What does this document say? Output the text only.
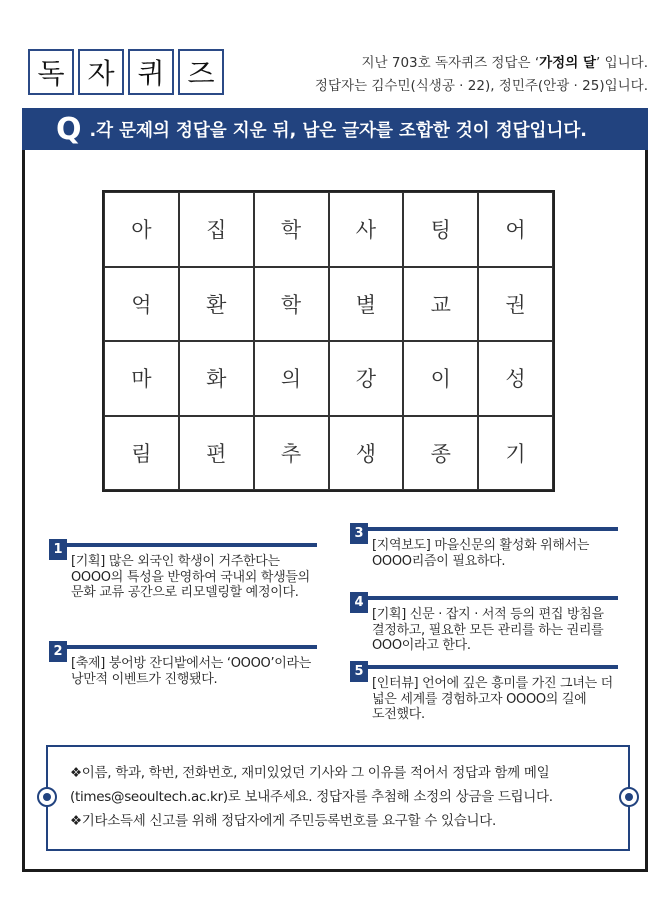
독 자 퀴 즈	지난 703호 독자퀴즈 정답은 ‘가정의 달’ 입니다.
정답자는 김수민(식생공 · 22), 정민주(안광 · 25)입니다.
Q .각 문제의 정답을 지운 뒤, 남은 글자를 조합한 것이 정답입니다.
아	집	학	사	팅	어
억	환	학	별	교	권
마	화	의	강	이	성
림	편	추	생	종	기
1
[기획] 많은 외국인 학생이 거주한다는 OOOO의 특성을 반영하여 국내외 학생들의 문화 교류 공간으로 리모델링할 예정이다.
2
[축제] 붕어방 잔디밭에서는 ‘OOOO’이라는 낭만적 이벤트가 진행됐다.
3
[지역보도] 마을신문의 활성화 위해서는 OOOO리즘이 필요하다.
4
[기획] 신문 · 잡지 · 서적 등의 편집 방침을 결정하고, 필요한 모든 관리를 하는 권리를 OOO이라고 한다.
5
[인터뷰] 언어에 깊은 흥미를 가진 그녀는 더 넓은 세계를 경험하고자 OOOO의 길에 도전했다.
❖이름, 학과, 학번, 전화번호, 재미있었던 기사와 그 이유를 적어서 정답과 함께 메일
(times@seoultech.ac.kr)로 보내주세요. 정답자를 추첨해 소정의 상금을 드립니다.
❖기타소득세 신고를 위해 정답자에게 주민등록번호를 요구할 수 있습니다.
